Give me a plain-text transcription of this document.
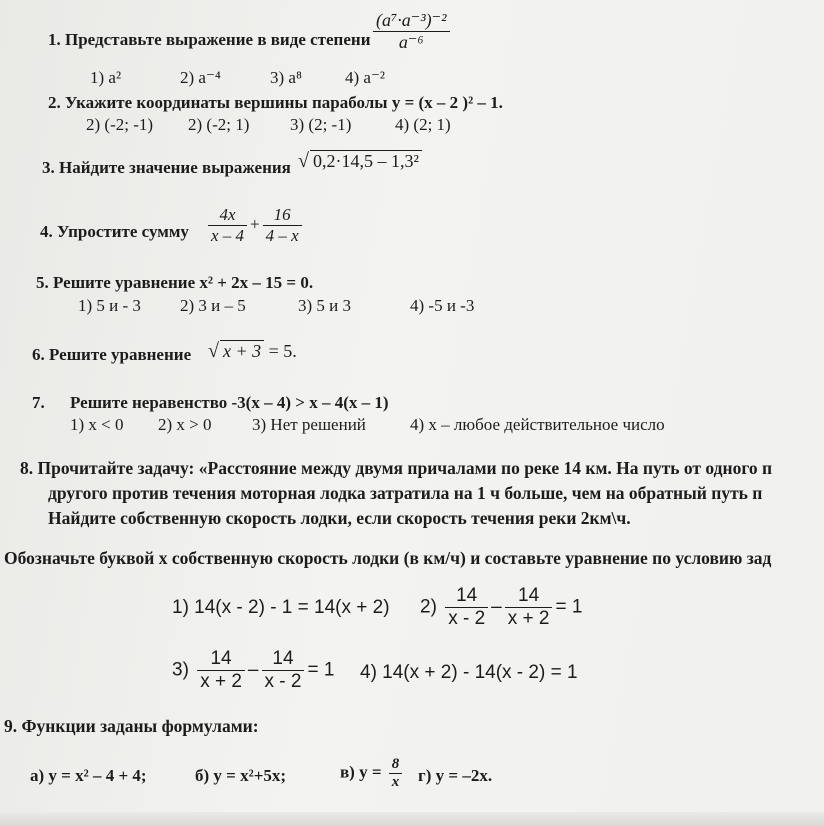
1. Представьте выражение в виде степени $\frac{\text{(a⁷·a⁻³)⁻²}}{\text{a⁻⁶}}$
1) a²	2) a⁻⁴	3) a⁸	4) a⁻²
2. Укажите координаты вершины параболы y = (x – 2 )² – 1.
2) (-2; -1) 2) (-2; 1) 3) (2; -1)	4) (2; 1)
3. Найдите значение выражения √ 0,2·14,5 – 1,3²
4. Упростите сумму $\frac{4x}{x - 4} + \frac{16}{4 - x}$
5. Решите уравнение x² + 2x – 15 = 0.
1) 5 и - 3 2) 3 и – 5	3) 5 и 3	4) -5 и -3
6. Решите уравнение √ x + 3 = 5.
7. Решите неравенство -3(x – 4) > x – 4(x – 1)
1) x < 0 2) x > 0 3) Нет решений	4) x – любое действительное число
8. Прочитайте задачу: «Расстояние между двумя причалами по реке 14 км. На путь от одного п
другого против течения моторная лодка затратила на 1 ч больше, чем на обратный путь п
Найдите собственную скорость лодки, если скорость течения реки 2км\ч.
Обозначьте буквой x собственную скорость лодки (в км/ч) и составьте уравнение по условию зад
1) 14(x - 2) - 1 = 14(x + 2) $2) \frac{14}{x - 2} - \frac{14}{x + 2} = 1$
$3) \frac{14}{x + 2} - \frac{14}{x - 2} = 1$ 4) 14(x + 2) - 14(x - 2) = 1
9. Функции заданы формулами:
а) y = x² – 4 + 4;	б) y = x²+5x;	в) $y = \frac{8}{x} г$) y = –2x.
